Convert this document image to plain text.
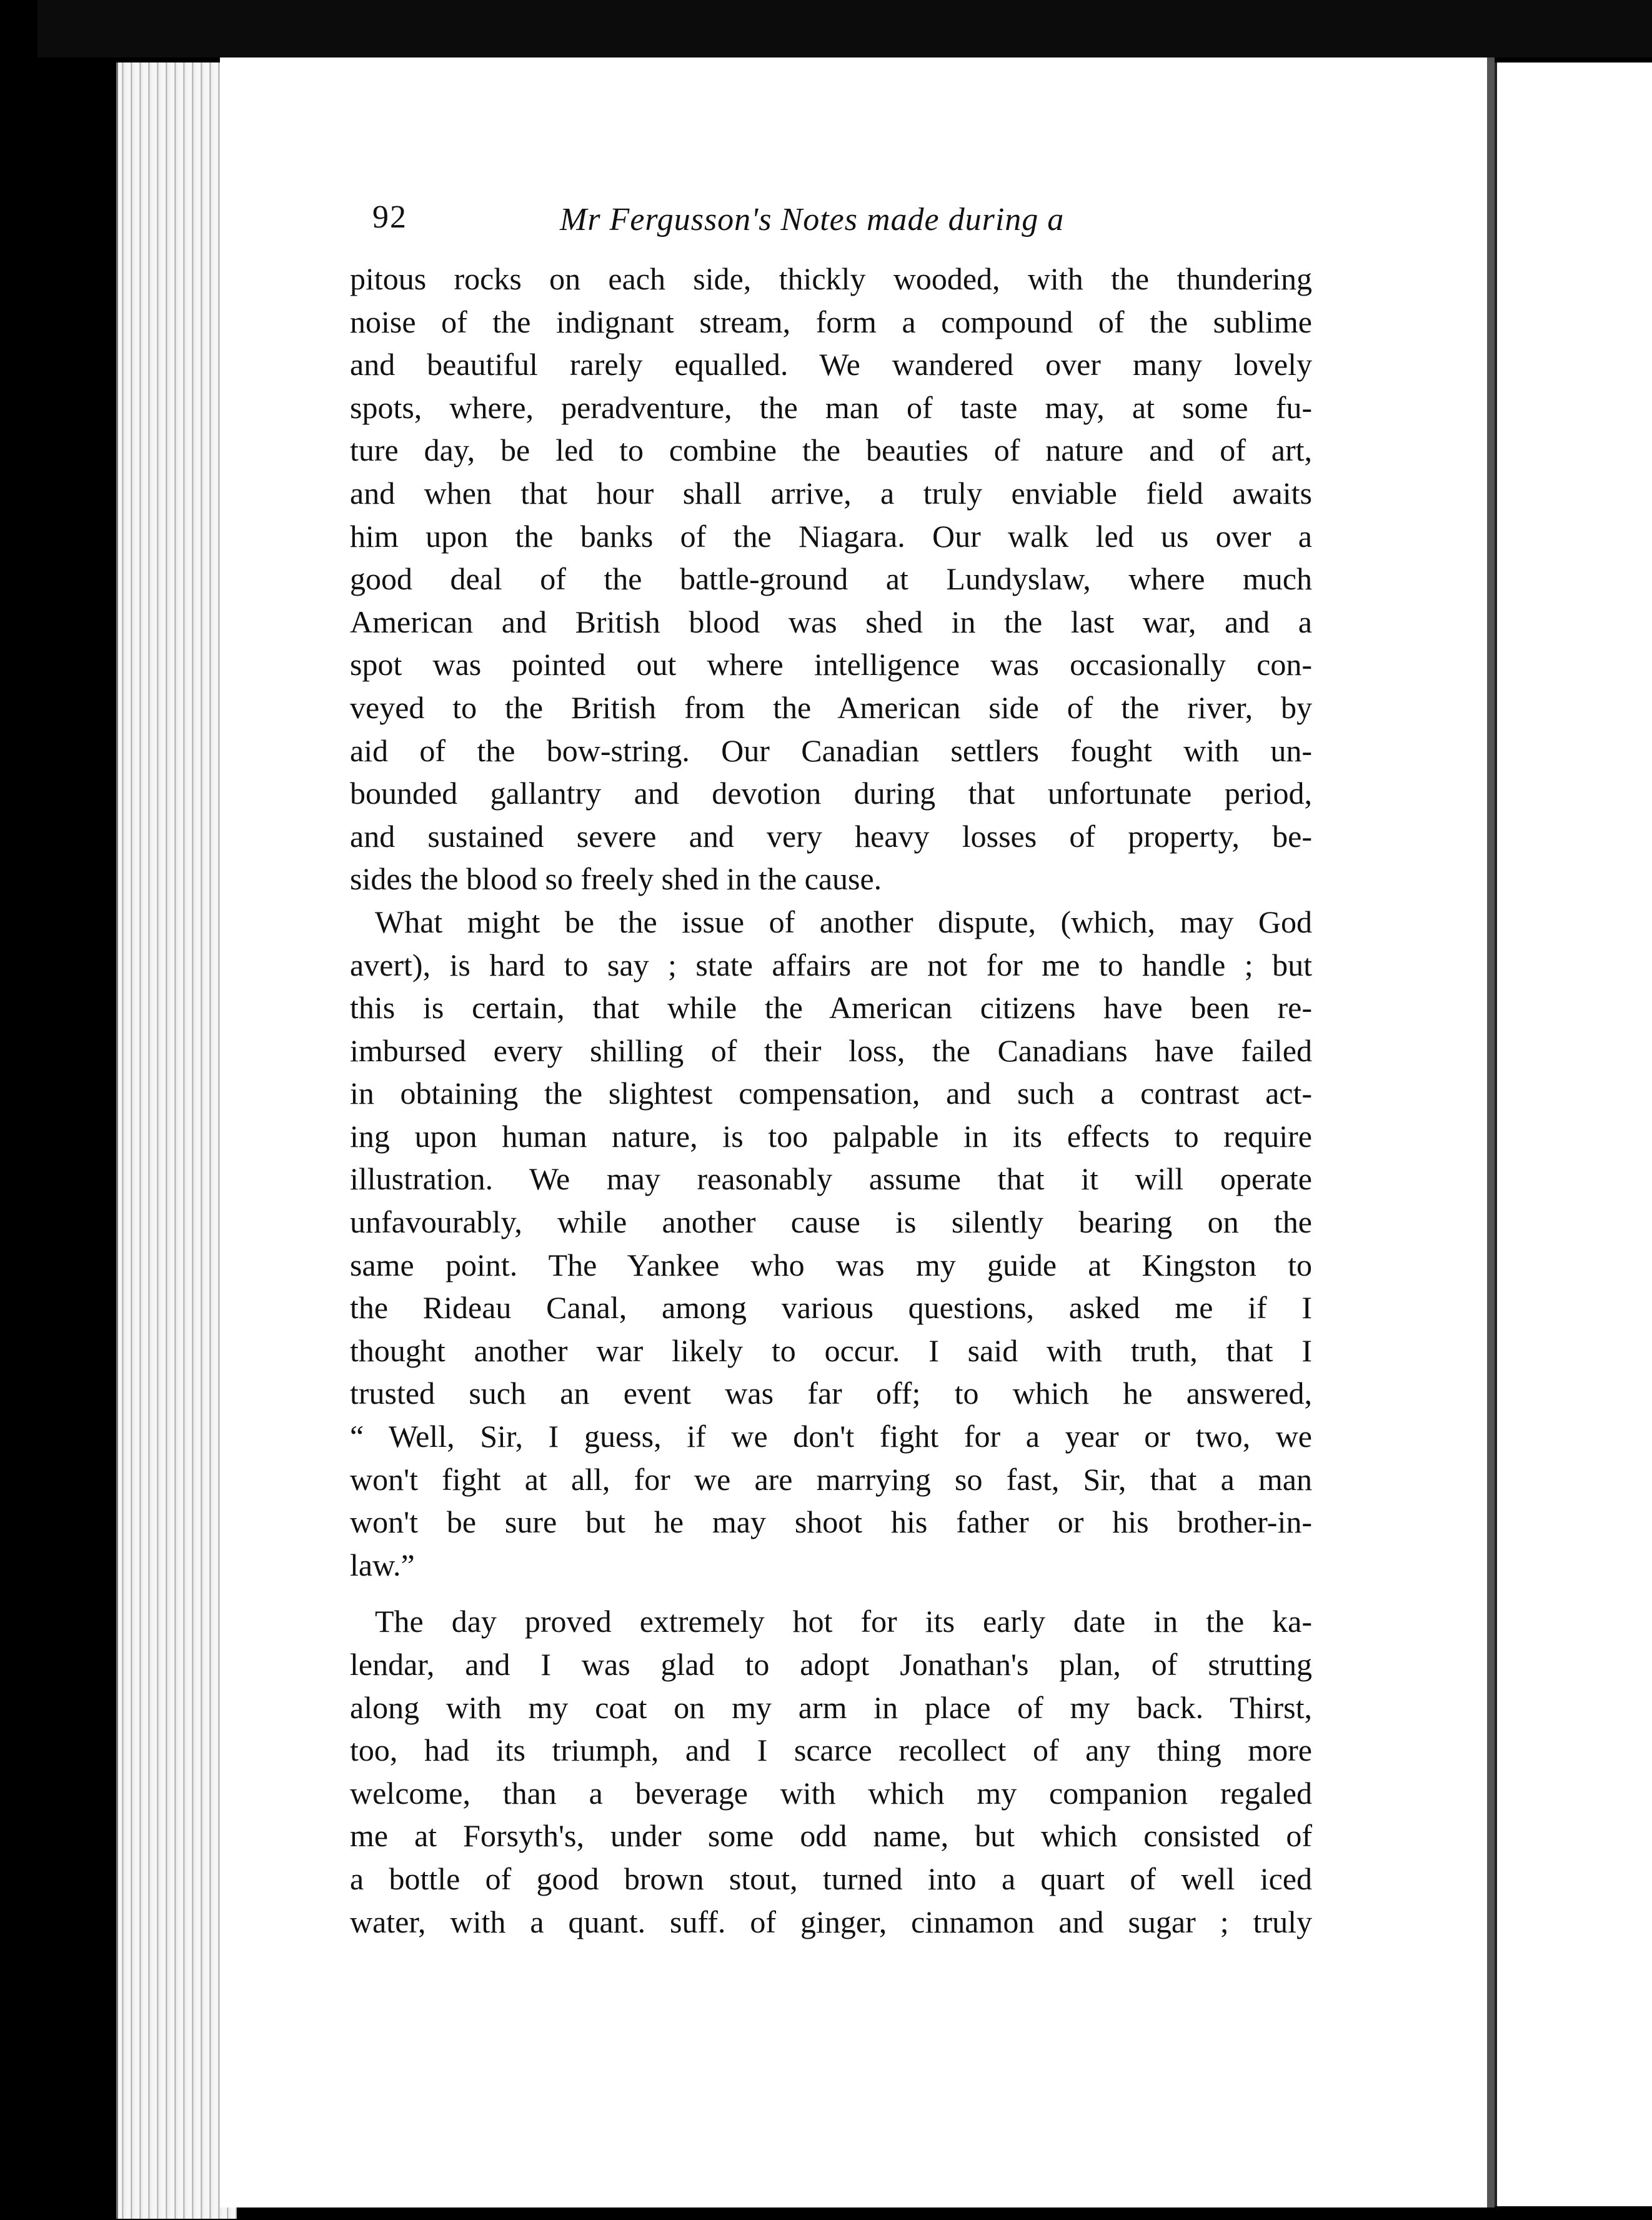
92	Mr Fergusson's Notes made during a
pitous rocks on each side, thickly wooded, with the thundering
noise of the indignant stream, form a compound of the sublime
and beautiful rarely equalled. We wandered over many lovely
spots, where, peradventure, the man of taste may, at some fu-
ture day, be led to combine the beauties of nature and of art,
and when that hour shall arrive, a truly enviable field awaits
him upon the banks of the Niagara. Our walk led us over a
good deal of the battle-ground at Lundyslaw, where much
American and British blood was shed in the last war, and a
spot was pointed out where intelligence was occasionally con-
veyed to the British from the American side of the river, by
aid of the bow-string. Our Canadian settlers fought with un-
bounded gallantry and devotion during that unfortunate period,
and sustained severe and very heavy losses of property, be-
sides the blood so freely shed in the cause.
What might be the issue of another dispute, (which, may God
avert), is hard to say ; state affairs are not for me to handle ; but
this is certain, that while the American citizens have been re-
imbursed every shilling of their loss, the Canadians have failed
in obtaining the slightest compensation, and such a contrast act-
ing upon human nature, is too palpable in its effects to require
illustration. We may reasonably assume that it will operate
unfavourably, while another cause is silently bearing on the
same point. The Yankee who was my guide at Kingston to
the Rideau Canal, among various questions, asked me if I
thought another war likely to occur. I said with truth, that I
trusted such an event was far off; to which he answered,
“ Well, Sir, I guess, if we don't fight for a year or two, we
won't fight at all, for we are marrying so fast, Sir, that a man
won't be sure but he may shoot his father or his brother-in-
law.”
The day proved extremely hot for its early date in the ka-
lendar, and I was glad to adopt Jonathan's plan, of strutting
along with my coat on my arm in place of my back. Thirst,
too, had its triumph, and I scarce recollect of any thing more
welcome, than a beverage with which my companion regaled
me at Forsyth's, under some odd name, but which consisted of
a bottle of good brown stout, turned into a quart of well iced
water, with a quant. suff. of ginger, cinnamon and sugar ; truly
